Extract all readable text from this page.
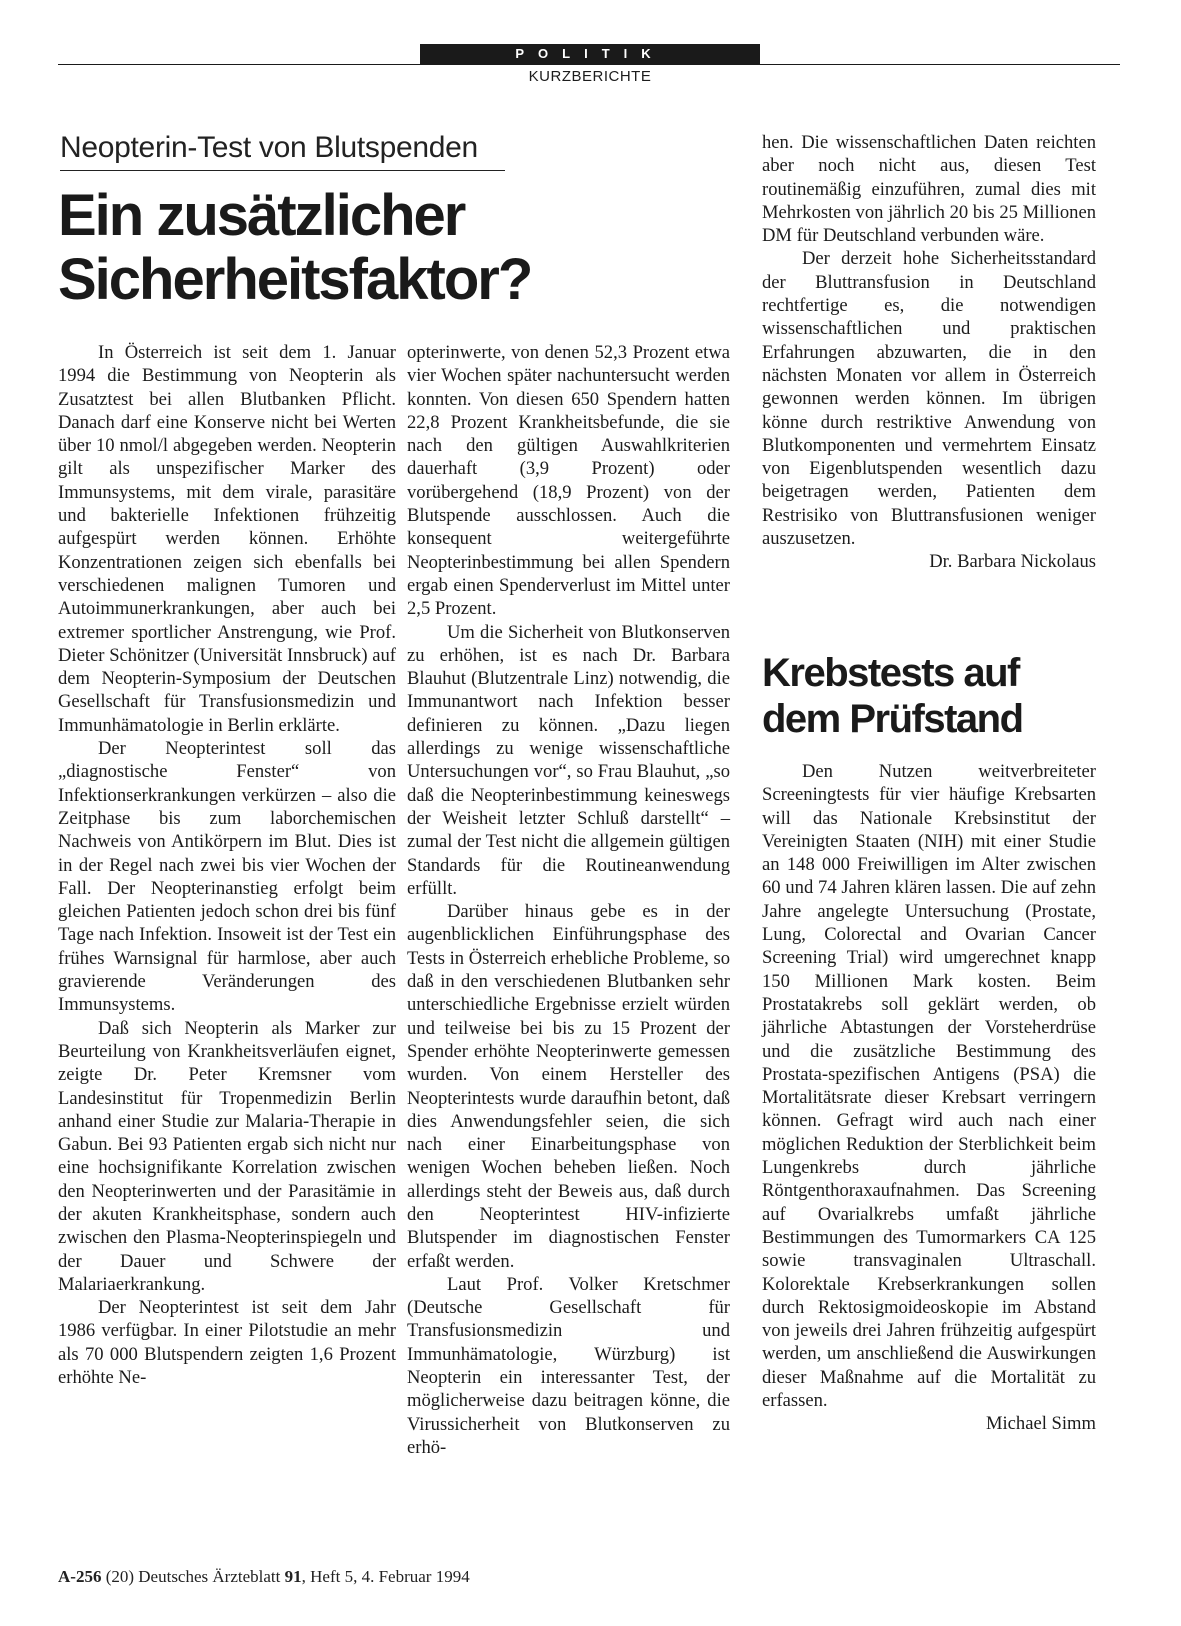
POLITIK
KURZBERICHTE
Neopterin-Test von Blutspenden
Ein zusätzlicher Sicherheitsfaktor?

In Österreich ist seit dem 1. Januar 1994 die Bestimmung von Neopterin als Zusatztest bei allen Blutbanken Pflicht. Danach darf eine Konserve nicht bei Werten über 10 nmol/l abgegeben werden. Neopterin gilt als unspezifischer Marker des Immunsystems, mit dem virale, parasitäre und bakterielle Infektionen frühzeitig aufgespürt werden können. Erhöhte Konzentrationen zeigen sich ebenfalls bei verschiedenen malignen Tumoren und Autoimmunerkrankungen, aber auch bei extremer sportlicher Anstrengung, wie Prof. Dieter Schönitzer (Universität Innsbruck) auf dem Neopterin-Symposium der Deutschen Gesellschaft für Transfusionsmedizin und Immunhämatologie in Berlin erklärte.

Der Neopterintest soll das „diagnostische Fenster“ von Infektionserkrankungen verkürzen – also die Zeitphase bis zum laborchemischen Nachweis von Antikörpern im Blut. Dies ist in der Regel nach zwei bis vier Wochen der Fall. Der Neopterinanstieg erfolgt beim gleichen Patienten jedoch schon drei bis fünf Tage nach Infektion. Insoweit ist der Test ein frühes Warnsignal für harmlose, aber auch gravierende Veränderungen des Immunsystems.

Daß sich Neopterin als Marker zur Beurteilung von Krankheitsverläufen eignet, zeigte Dr. Peter Kremsner vom Landesinstitut für Tropenmedizin Berlin anhand einer Studie zur Malaria-Therapie in Gabun. Bei 93 Patienten ergab sich nicht nur eine hochsignifikante Korrelation zwischen den Neopterinwerten und der Parasitämie in der akuten Krankheitsphase, sondern auch zwischen den Plasma-Neopterinspiegeln und der Dauer und Schwere der Malariaerkrankung.

Der Neopterintest ist seit dem Jahr 1986 verfügbar. In einer Pilotstudie an mehr als 70 000 Blutspendern zeigten 1,6 Prozent erhöhte Ne-

opterinwerte, von denen 52,3 Prozent etwa vier Wochen später nachuntersucht werden konnten. Von diesen 650 Spendern hatten 22,8 Prozent Krankheitsbefunde, die sie nach den gültigen Auswahlkriterien dauerhaft (3,9 Prozent) oder vorübergehend (18,9 Prozent) von der Blutspende ausschlossen. Auch die konsequent weitergeführte Neopterinbestimmung bei allen Spendern ergab einen Spenderverlust im Mittel unter 2,5 Prozent.

Um die Sicherheit von Blutkonserven zu erhöhen, ist es nach Dr. Barbara Blauhut (Blutzentrale Linz) notwendig, die Immunantwort nach Infektion besser definieren zu können. „Dazu liegen allerdings zu wenige wissenschaftliche Untersuchungen vor“, so Frau Blauhut, „so daß die Neopterinbestimmung keineswegs der Weisheit letzter Schluß darstellt“ – zumal der Test nicht die allgemein gültigen Standards für die Routineanwendung erfüllt.

Darüber hinaus gebe es in der augenblicklichen Einführungsphase des Tests in Österreich erhebliche Probleme, so daß in den verschiedenen Blutbanken sehr unterschiedliche Ergebnisse erzielt würden und teilweise bei bis zu 15 Prozent der Spender erhöhte Neopterinwerte gemessen wurden. Von einem Hersteller des Neopterintests wurde daraufhin betont, daß dies Anwendungsfehler seien, die sich nach einer Einarbeitungsphase von wenigen Wochen beheben ließen. Noch allerdings steht der Beweis aus, daß durch den Neopterintest HIV-infizierte Blutspender im diagnostischen Fenster erfaßt werden.

Laut Prof. Volker Kretschmer (Deutsche Gesellschaft für Transfusionsmedizin und Immunhämatologie, Würzburg) ist Neopterin ein interessanter Test, der möglicherweise dazu beitragen könne, die Virussicherheit von Blutkonserven zu erhö-

hen. Die wissenschaftlichen Daten reichten aber noch nicht aus, diesen Test routinemäßig einzuführen, zumal dies mit Mehrkosten von jährlich 20 bis 25 Millionen DM für Deutschland verbunden wäre.

Der derzeit hohe Sicherheitsstandard der Bluttransfusion in Deutschland rechtfertige es, die notwendigen wissenschaftlichen und praktischen Erfahrungen abzuwarten, die in den nächsten Monaten vor allem in Österreich gewonnen werden können. Im übrigen könne durch restriktive Anwendung von Blutkomponenten und vermehrtem Einsatz von Eigenblutspenden wesentlich dazu beigetragen werden, Patienten dem Restrisiko von Bluttransfusionen weniger auszusetzen.

Dr. Barbara Nickolaus

Krebstests auf dem Prüfstand

Den Nutzen weitverbreiteter Screeningtests für vier häufige Krebsarten will das Nationale Krebsinstitut der Vereinigten Staaten (NIH) mit einer Studie an 148 000 Freiwilligen im Alter zwischen 60 und 74 Jahren klären lassen. Die auf zehn Jahre angelegte Untersuchung (Prostate, Lung, Colorectal and Ovarian Cancer Screening Trial) wird umgerechnet knapp 150 Millionen Mark kosten. Beim Prostatakrebs soll geklärt werden, ob jährliche Abtastungen der Vorsteherdrüse und die zusätzliche Bestimmung des Prostata-spezifischen Antigens (PSA) die Mortalitätsrate dieser Krebsart verringern können. Gefragt wird auch nach einer möglichen Reduktion der Sterblichkeit beim Lungenkrebs durch jährliche Röntgenthoraxaufnahmen. Das Screening auf Ovarialkrebs umfaßt jährliche Bestimmungen des Tumormarkers CA 125 sowie transvaginalen Ultraschall. Kolorektale Krebserkrankungen sollen durch Rektosigmoideoskopie im Abstand von jeweils drei Jahren frühzeitig aufgespürt werden, um anschließend die Auswirkungen dieser Maßnahme auf die Mortalität zu erfassen.

Michael Simm

A-256 (20) Deutsches Ärzteblatt 91, Heft 5, 4. Februar 1994
